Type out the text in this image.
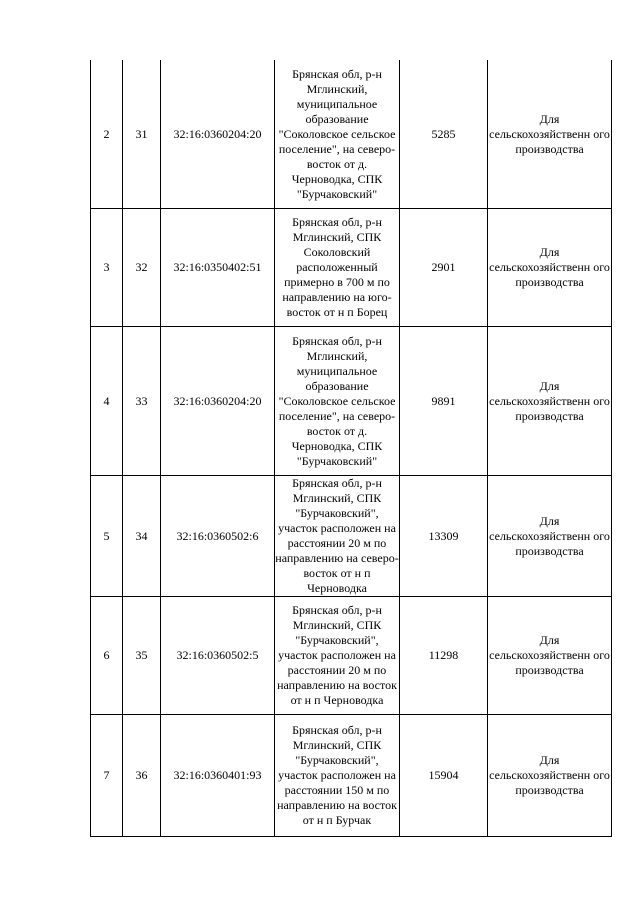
2	31	32:16:0360204:20	Брянская обл, р-н Мглинский, муниципальное образование "Соколовское сельское поселение", на северо-восток от д. Черноводка, СПК "Бурчаковский"	5285	Для сельскохозяйственн ого производства
3	32	32:16:0350402:51	Брянская обл, р-н Мглинский, СПК Соколовский расположенный примерно в 700 м по направлению на юго-восток от н п Борец	2901	Для сельскохозяйственн ого производства
4	33	32:16:0360204:20	Брянская обл, р-н Мглинский, муниципальное образование "Соколовское сельское поселение", на северо-восток от д. Черноводка, СПК "Бурчаковский"	9891	Для сельскохозяйственн ого производства
5	34	32:16:0360502:6	Брянская обл, р-н Мглинский, СПК "Бурчаковский", участок расположен на расстоянии 20 м по направлению на северо-восток от н п Черноводка	13309	Для сельскохозяйственн ого производства
6	35	32:16:0360502:5	Брянская обл, р-н Мглинский, СПК "Бурчаковский", участок расположен на расстоянии 20 м по направлению на восток от н п Черноводка	11298	Для сельскохозяйственн ого производства
7	36	32:16:0360401:93	Брянская обл, р-н Мглинский, СПК "Бурчаковский", участок расположен на расстоянии 150 м по направлению на восток от н п Бурчак	15904	Для сельскохозяйственн ого производства
